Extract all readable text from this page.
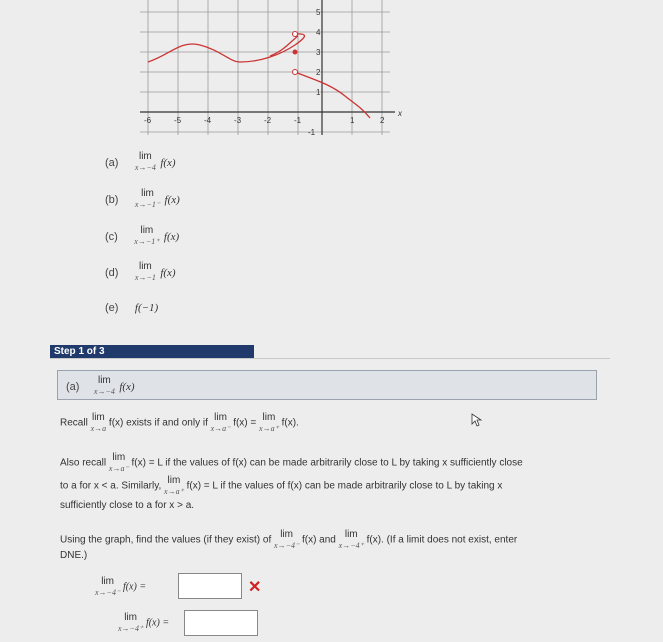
5
4
3
2
1
-1
-6	-5	-4	-3	-2	-1	1	2
x
(a)
lim
x→−4 f(x)
(b)
lim
x→−1⁻ f(x)
(c)
lim
x→−1⁺ f(x)
(d)
lim
x→−1 f(x)
(e) f(−1)
Step 1 of 3
(a)
lim
x→−4 f(x)
Recall
lim
x→a f(x) exists if and only if
lim
x→a⁻ f(x) =
lim
x→a⁺ f(x).
Also recall
lim
x→a⁻ f(x) = L if the values of f(x) can be made arbitrarily close to L by taking x sufficiently close
to a for x < a. Similarly,
lim
x→a⁺ f(x) = L if the values of f(x) can be made arbitrarily close to L by taking x
sufficiently close to a for x > a.
Using the graph, find the values (if they exist) of
lim
x→−4⁻ f(x) and
lim
x→−4⁺ f(x). (If a limit does not exist, enter
DNE.)
lim
x→−4⁻ f(x) =	✕
lim
x→−4⁺ f(x) =
